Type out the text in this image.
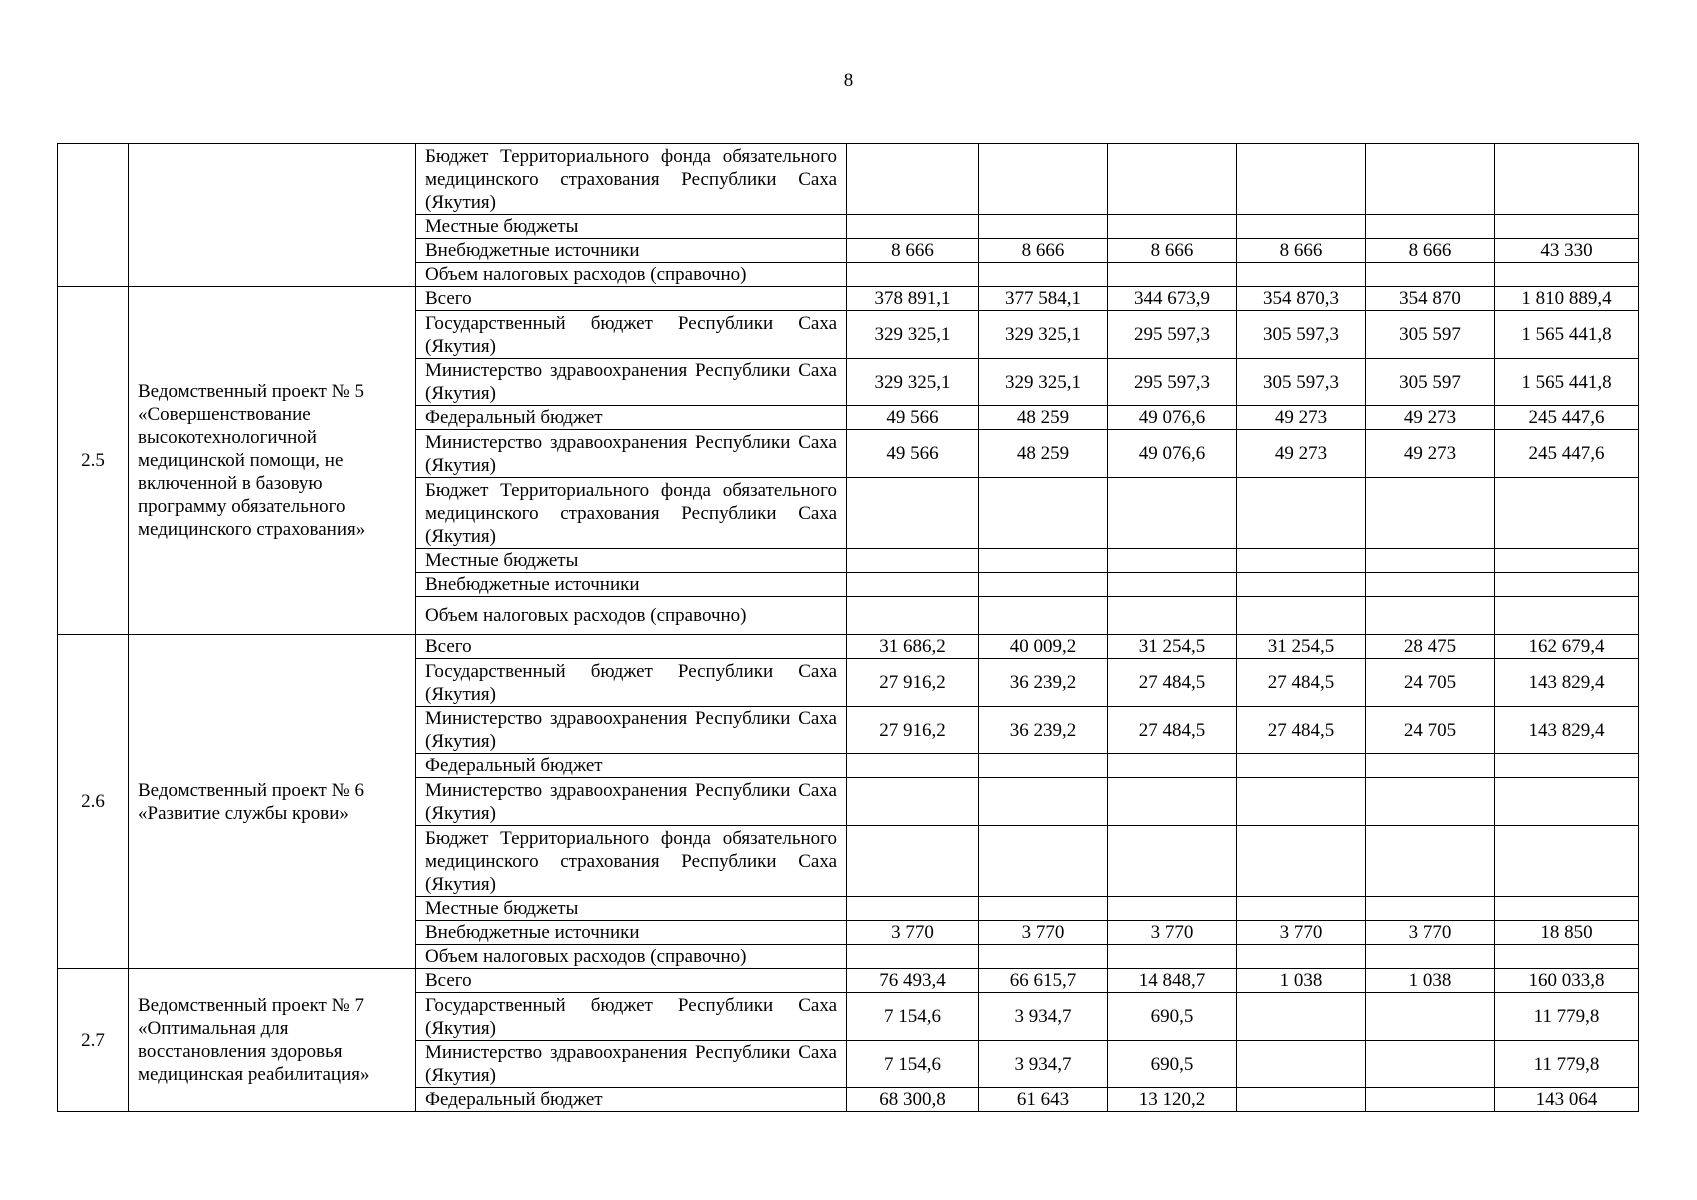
8
		Бюджет Территориального фонда обязательного медицинского страхования Республики Саха (Якутия)						
		Местные бюджеты						
		Внебюджетные источники	8 666	8 666	8 666	8 666	8 666	43 330
		Объем налоговых расходов (справочно)						
2.5	Ведомственный проект № 5 «Совершенствование высокотехнологичной медицинской помощи, не включенной в базовую программу обязательного медицинского страхования»	Всего	378 891,1	377 584,1	344 673,9	354 870,3	354 870	1 810 889,4
		Государственный бюджет Республики Саха (Якутия)	329 325,1	329 325,1	295 597,3	305 597,3	305 597	1 565 441,8
		Министерство здравоохранения Республики Саха (Якутия)	329 325,1	329 325,1	295 597,3	305 597,3	305 597	1 565 441,8
		Федеральный бюджет	49 566	48 259	49 076,6	49 273	49 273	245 447,6
		Министерство здравоохранения Республики Саха (Якутия)	49 566	48 259	49 076,6	49 273	49 273	245 447,6
		Бюджет Территориального фонда обязательного медицинского страхования Республики Саха (Якутия)						
		Местные бюджеты						
		Внебюджетные источники						
		Объем налоговых расходов (справочно)						
2.6	Ведомственный проект № 6 «Развитие службы крови»	Всего	31 686,2	40 009,2	31 254,5	31 254,5	28 475	162 679,4
		Государственный бюджет Республики Саха (Якутия)	27 916,2	36 239,2	27 484,5	27 484,5	24 705	143 829,4
		Министерство здравоохранения Республики Саха (Якутия)	27 916,2	36 239,2	27 484,5	27 484,5	24 705	143 829,4
		Федеральный бюджет						
		Министерство здравоохранения Республики Саха (Якутия)						
		Бюджет Территориального фонда обязательного медицинского страхования Республики Саха (Якутия)						
		Местные бюджеты						
		Внебюджетные источники	3 770	3 770	3 770	3 770	3 770	18 850
		Объем налоговых расходов (справочно)						
2.7	Ведомственный проект № 7 «Оптимальная для восстановления здоровья медицинская реабилитация»	Всего	76 493,4	66 615,7	14 848,7	1 038	1 038	160 033,8
		Государственный бюджет Республики Саха (Якутия)	7 154,6	3 934,7	690,5			11 779,8
		Министерство здравоохранения Республики Саха (Якутия)	7 154,6	3 934,7	690,5			11 779,8
		Федеральный бюджет	68 300,8	61 643	13 120,2			143 064
